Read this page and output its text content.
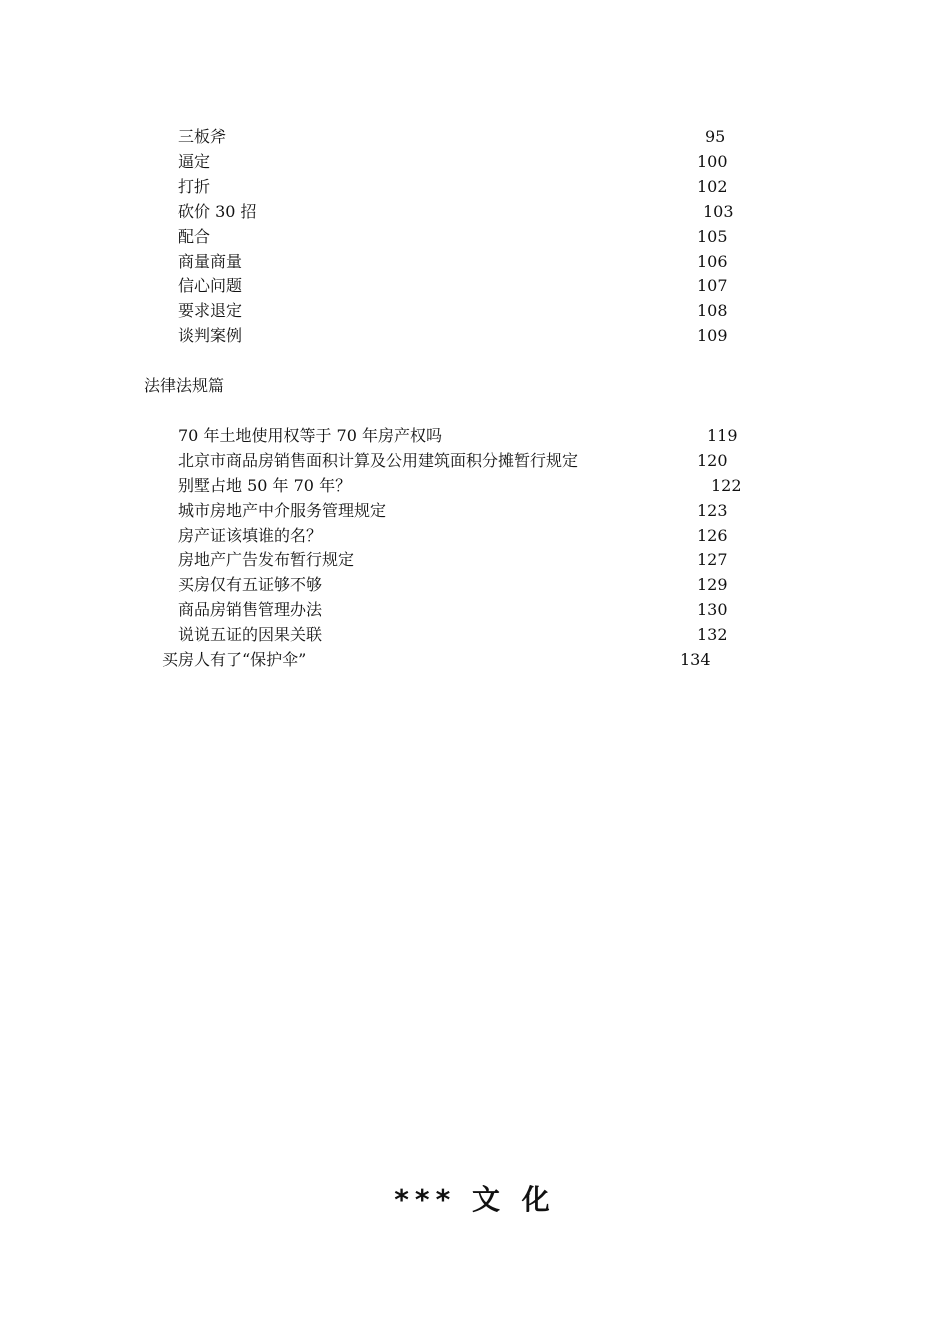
三板斧	95
逼定	100
打折	102
砍价 30 招	103
配合	105
商量商量	106
信心问题	107
要求退定	108
谈判案例	109
法律法规篇
70 年土地使用权等于 70 年房产权吗	119
北京市商品房销售面积计算及公用建筑面积分摊暂行规定	120
别墅占地 50 年 70 年？	122
城市房地产中介服务管理规定	123
房产证该填谁的名？	126
房地产广告发布暂行规定	127
买房仅有五证够不够	129
商品房销售管理办法	130
说说五证的因果关联	132
买房人有了“保护伞”	134
*** 文 化
